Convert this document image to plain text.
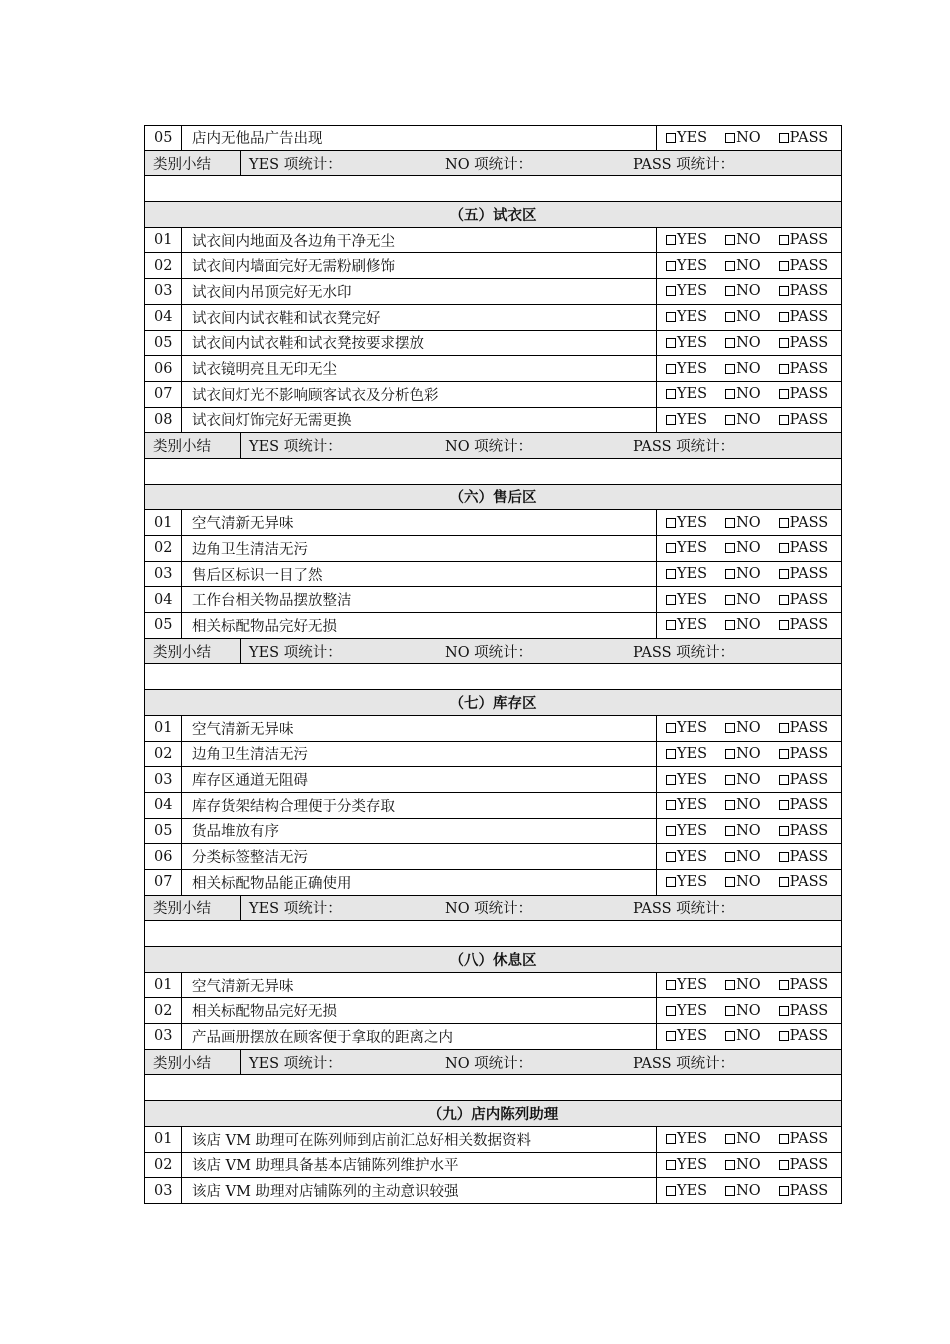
05	店内无他品广告出现	YES NO PASS
类别小结	YES 项统计：	NO 项统计：	PASS 项统计：
（五）试衣区
01	试衣间内地面及各边角干净无尘	YES NO PASS
02	试衣间内墙面完好无需粉刷修饰	YES NO PASS
03	试衣间内吊顶完好无水印	YES NO PASS
04	试衣间内试衣鞋和试衣凳完好	YES NO PASS
05	试衣间内试衣鞋和试衣凳按要求摆放	YES NO PASS
06	试衣镜明亮且无印无尘	YES NO PASS
07	试衣间灯光不影响顾客试衣及分析色彩	YES NO PASS
08	试衣间灯饰完好无需更换	YES NO PASS
类别小结	YES 项统计：	NO 项统计：	PASS 项统计：
（六）售后区
01	空气清新无异味	YES NO PASS
02	边角卫生清洁无污	YES NO PASS
03	售后区标识一目了然	YES NO PASS
04	工作台相关物品摆放整洁	YES NO PASS
05	相关标配物品完好无损	YES NO PASS
类别小结	YES 项统计：	NO 项统计：	PASS 项统计：
（七）库存区
01	空气清新无异味	YES NO PASS
02	边角卫生清洁无污	YES NO PASS
03	库存区通道无阻碍	YES NO PASS
04	库存货架结构合理便于分类存取	YES NO PASS
05	货品堆放有序	YES NO PASS
06	分类标签整洁无污	YES NO PASS
07	相关标配物品能正确使用	YES NO PASS
类别小结	YES 项统计：	NO 项统计：	PASS 项统计：
（八）休息区
01	空气清新无异味	YES NO PASS
02	相关标配物品完好无损	YES NO PASS
03	产品画册摆放在顾客便于拿取的距离之内	YES NO PASS
类别小结	YES 项统计：	NO 项统计：	PASS 项统计：
（九）店内陈列助理
01	该店 VM 助理可在陈列师到店前汇总好相关数据资料	YES NO PASS
02	该店 VM 助理具备基本店铺陈列维护水平	YES NO PASS
03	该店 VM 助理对店铺陈列的主动意识较强	YES NO PASS
